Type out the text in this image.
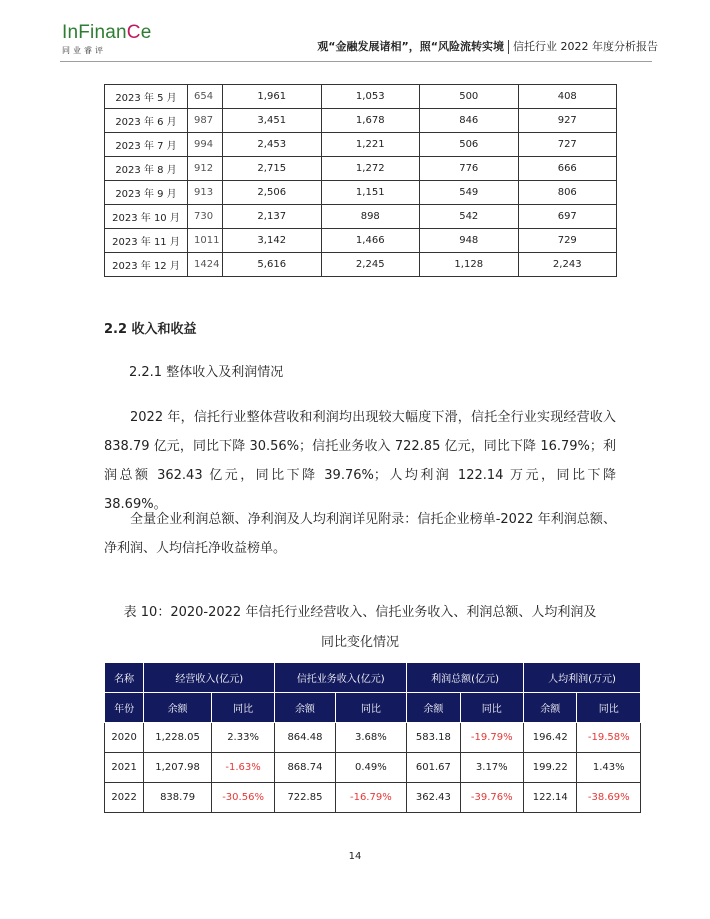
InFinanCe
同业睿评	观“金融发展诸相”，照“风险流转实境 信托行业 2022 年度分析报告
2023 年 5 月	654	1,961	1,053	500	408
2023 年 6 月	987	3,451	1,678	846	927
2023 年 7 月	994	2,453	1,221	506	727
2023 年 8 月	912	2,715	1,272	776	666
2023 年 9 月	913	2,506	1,151	549	806
2023 年 10 月	730	2,137	898	542	697
2023 年 11 月	1011	3,142	1,466	948	729
2023 年 12 月	1424	5,616	2,245	1,128	2,243
2.2 收入和收益
2.2.1 整体收入及利润情况
2022 年，信托行业整体营收和利润均出现较大幅度下滑，信托全行业实现经营收入 838.79 亿元，同比下降 30.56%；信托业务收入 722.85 亿元，同比下降 16.79%；利润总额 362.43 亿元，同比下降 39.76%；人均利润 122.14 万元，同比下降 38.69%。
全量企业利润总额、净利润及人均利润详见附录：信托企业榜单-2022 年利润总额、净利润、人均信托净收益榜单。
表 10：2020-2022 年信托行业经营收入、信托业务收入、利润总额、人均利润及
同比变化情况
名称	经营收入(亿元)		信托业务收入(亿元)		利润总额(亿元)		人均利润(万元)	
年份	余额	同比	余额	同比	余额	同比	余额	同比
2020	1,228.05	2.33%	864.48	3.68%	583.18	-19.79%	196.42	-19.58%
2021	1,207.98	-1.63%	868.74	0.49%	601.67	3.17%	199.22	1.43%
2022	838.79	-30.56%	722.85	-16.79%	362.43	-39.76%	122.14	-38.69%
14
